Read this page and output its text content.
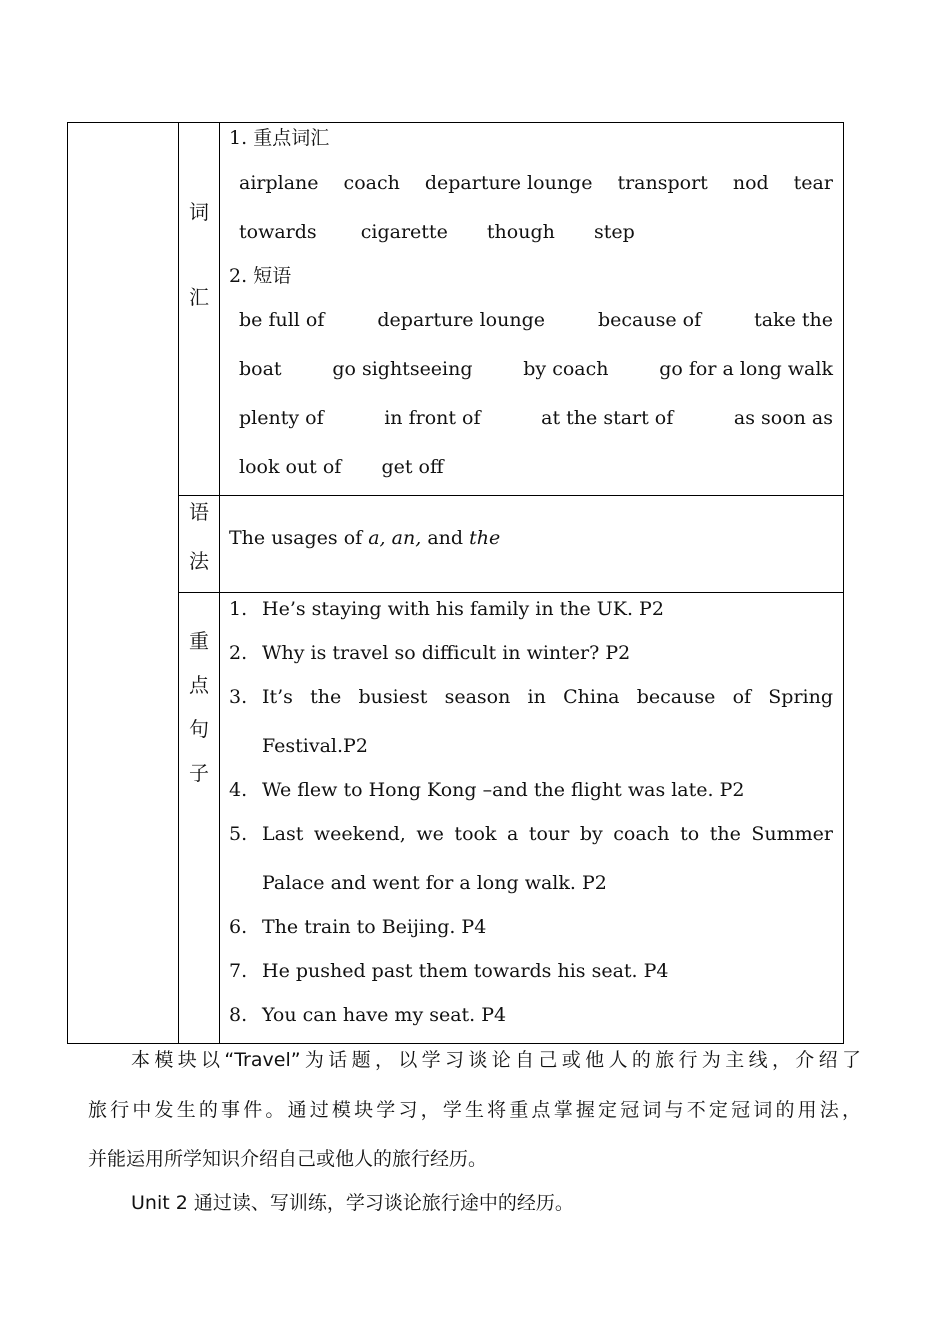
词
汇
1. 重点词汇
airplane coach departure lounge transport nod tear
towards cigarette though step
2. 短语
be full of	departure lounge	because of	take the
boat	go sightseeing	by coach	go for a long walk
plenty of	in front of	at the start of	as soon as
look out of get off
语
法
The usages of a, an, and the
重
点
句
子
1. He’s staying with his family in the UK. P2
2. Why is travel so difficult in winter? P2
3. It’s the busiest season in China because of Spring
Festival.P2
4. We flew to Hong Kong –and the flight was late. P2
5. Last weekend, we took a tour by coach to the Summer
Palace and went for a long walk. P2
6. The train to Beijing. P4
7. He pushed past them towards his seat. P4
8. You can have my seat. P4
本模块以“Travel”为话题，以学习谈论自己或他人的旅行为主线，介绍了
旅行中发生的事件。通过模块学习，学生将重点掌握定冠词与不定冠词的用法，
并能运用所学知识介绍自己或他人的旅行经历。
Unit 2 通过读、写训练，学习谈论旅行途中的经历。
